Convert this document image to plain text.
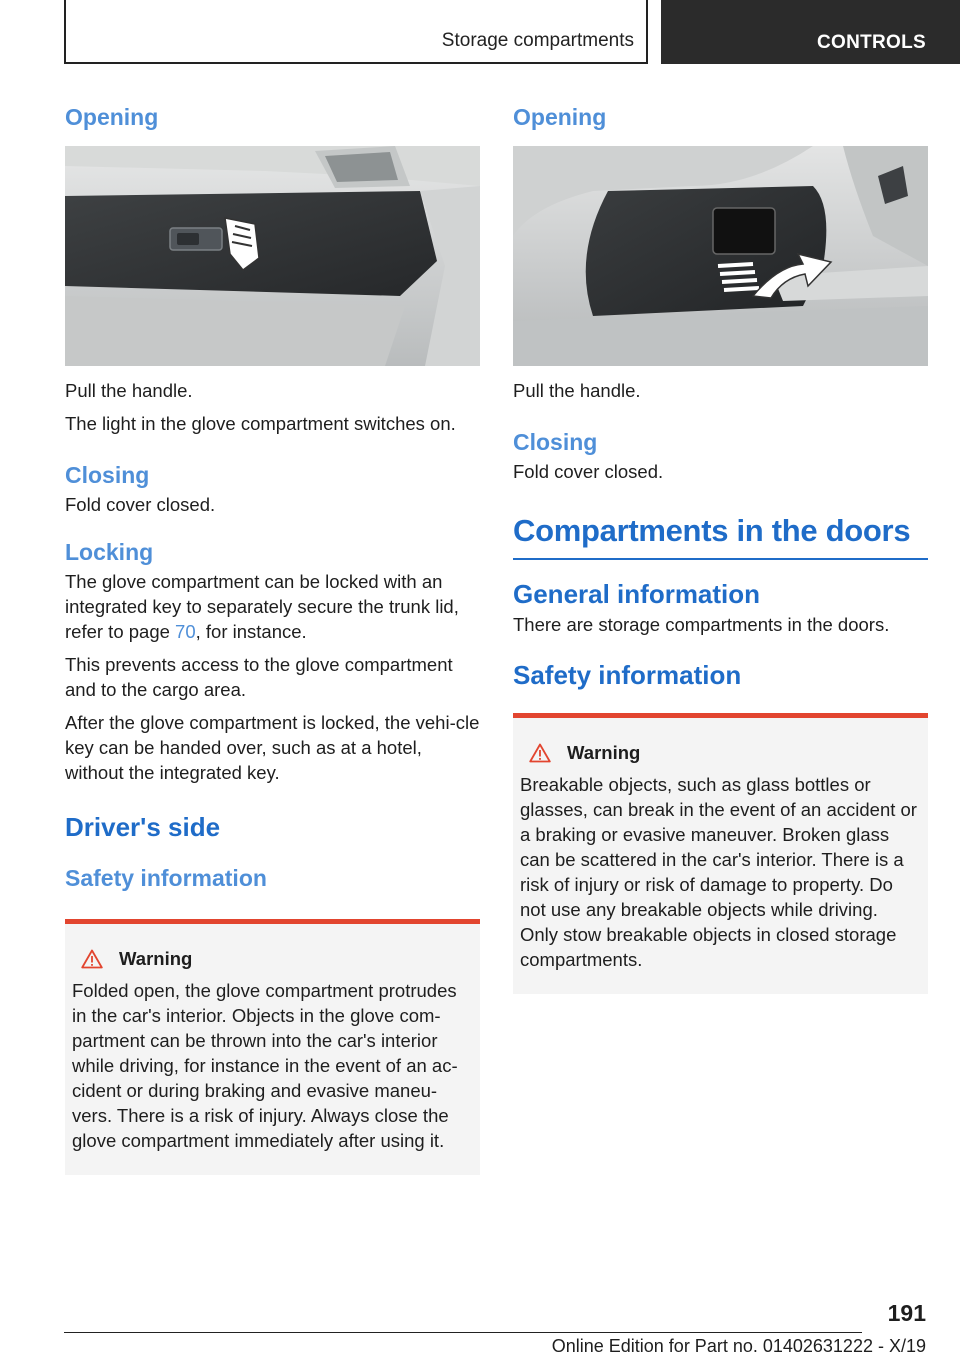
Storage compartments	CONTROLS
Opening

Pull the handle.

The light in the glove compartment switches on.

Closing

Fold cover closed.

Locking

The glove compartment can be locked with an integrated key to separately secure the trunk lid, refer to page 70, for instance.

This prevents access to the glove compartment and to the cargo area.

After the glove compartment is locked, the vehi-cle key can be handed over, such as at a hotel, without the integrated key.

Driver's side
Safety information
Warning

Folded open, the glove compartment protrudes in the car's interior. Objects in the glove com-partment can be thrown into the car's interior while driving, for instance in the event of an ac-cident or during braking and evasive maneu-vers. There is a risk of injury. Always close the glove compartment immediately after using it.

Opening

Pull the handle.

Closing

Fold cover closed.

Compartments in the doors
General information

There are storage compartments in the doors.

Safety information
Warning

Breakable objects, such as glass bottles or glasses, can break in the event of an accident or a braking or evasive maneuver. Broken glass can be scattered in the car's interior. There is a risk of injury or risk of damage to property. Do not use any breakable objects while driving. Only stow breakable objects in closed storage compartments.

191
Online Edition for Part no. 01402631222 - X/19
